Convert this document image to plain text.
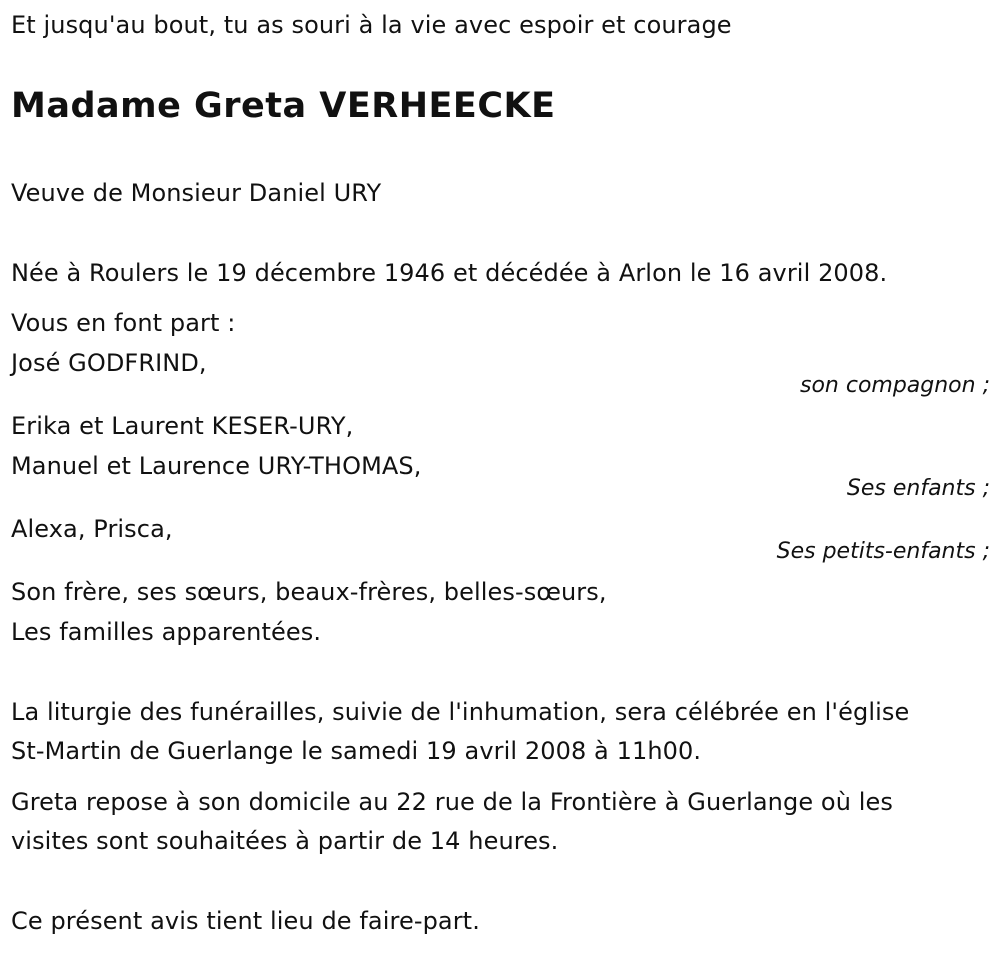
Et jusqu'au bout, tu as souri à la vie avec espoir et courage
Madame Greta VERHEECKE
Veuve de Monsieur Daniel URY
Née à Roulers le 19 décembre 1946 et décédée à Arlon le 16 avril 2008.
Vous en font part :
José GODFRIND,
son compagnon ;
Erika et Laurent KESER-URY,
Manuel et Laurence URY-THOMAS,
Ses enfants ;
Alexa, Prisca,
Ses petits-enfants ;
Son frère, ses sœurs, beaux-frères, belles-sœurs,
Les familles apparentées.
La liturgie des funérailles, suivie de l'inhumation, sera célébrée en l'église
St-Martin de Guerlange le samedi 19 avril 2008 à 11h00.
Greta repose à son domicile au 22 rue de la Frontière à Guerlange où les
visites sont souhaitées à partir de 14 heures.
Ce présent avis tient lieu de faire-part.
